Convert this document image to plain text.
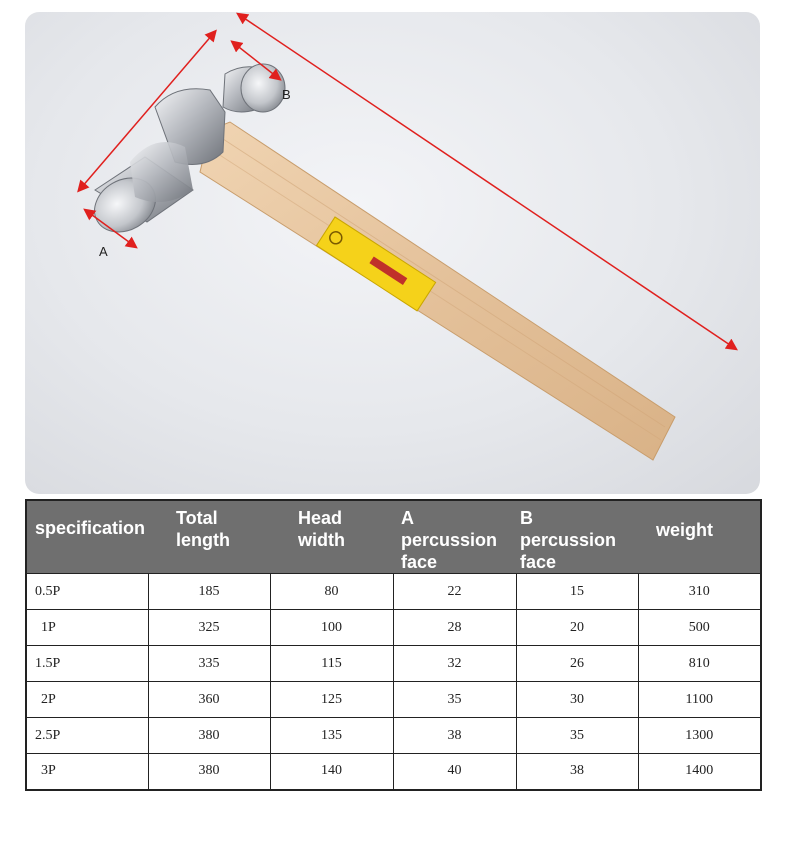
B
A
specification	Total length	Head width	A percussion face	B percussion face	weight
0.5P	185	80	22	15	310
1P	325	100	28	20	500
1.5P	335	115	32	26	810
2P	360	125	35	30	1100
2.5P	380	135	38	35	1300
3P	380	140	40	38	1400
